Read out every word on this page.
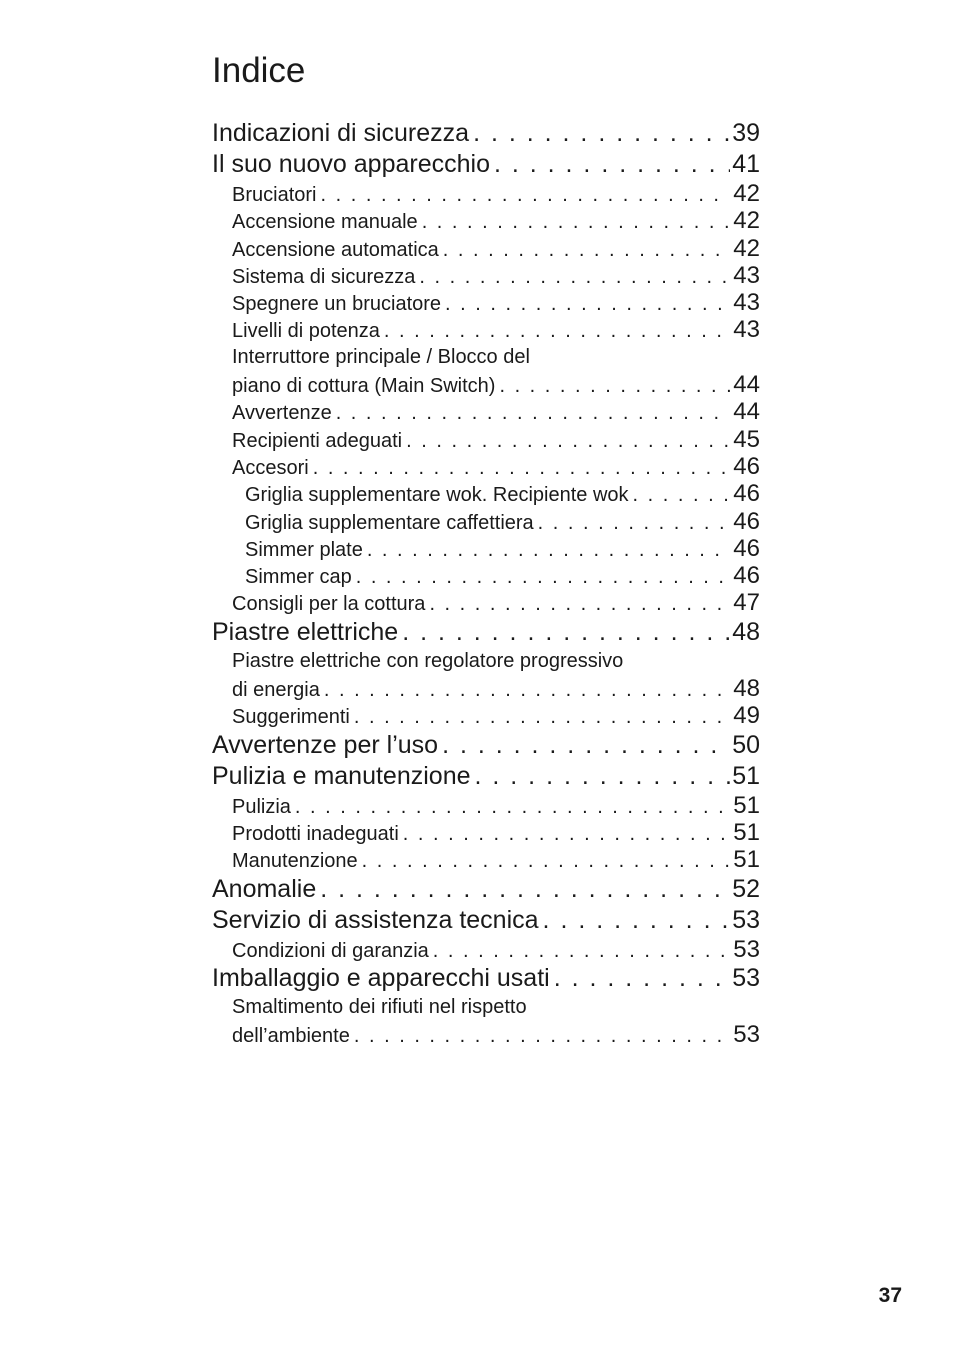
Indice
Indicazioni di sicurezza . . .	39
Il suo nuovo apparecchio . . .	41
Bruciatori . . .	42
Accensione manuale . . .	42
Accensione automatica . . .	42
Sistema di sicurezza . . .	43
Spegnere un bruciatore . . .	43
Livelli di potenza . . .	43
Interruttore principale / Blocco del
piano di cottura (Main Switch) . . .	44
Avvertenze . . .	44
Recipienti adeguati . . .	45
Accesori . . .	46
Griglia supplementare wok. Recipiente wok . . .	46
Griglia supplementare caffettiera . . .	46
Simmer plate . . .	46
Simmer cap . . .	46
Consigli per la cottura . . .	47
Piastre elettriche . . .	48
Piastre elettriche con regolatore progressivo
di energia . . .	48
Suggerimenti . . .	49
Avvertenze per l’uso . . .	50
Pulizia e manutenzione . . .	51
Pulizia . . .	51
Prodotti inadeguati . . .	51
Manutenzione . . .	51
Anomalie . . .	52
Servizio di assistenza tecnica . . .	53
Condizioni di garanzia . . .	53
Imballaggio e apparecchi usati . . .	53
Smaltimento dei rifiuti nel rispetto
dell’ambiente . . .	53
37
